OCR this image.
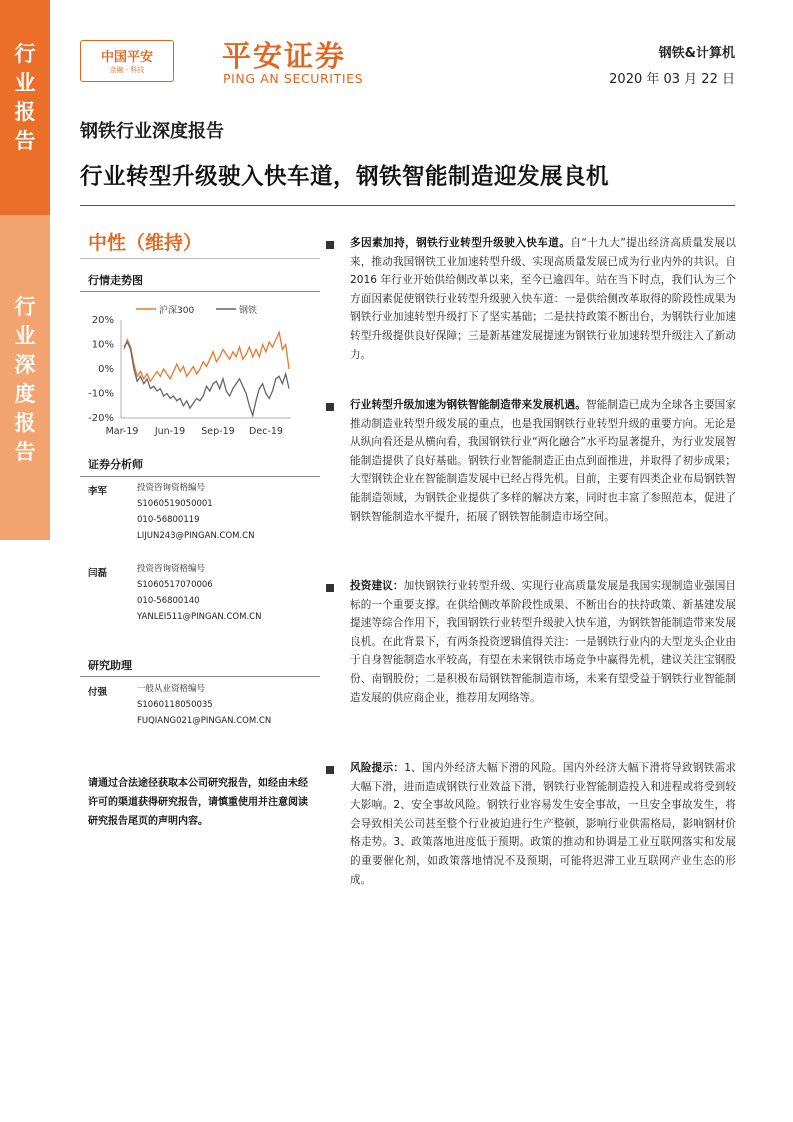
行业报告
行业深度报告
中国平安
金融 · 科技	平安证券
PING AN SECURITIES
钢铁&计算机
2020 年 03 月 22 日
钢铁行业深度报告
行业转型升级驶入快车道，钢铁智能制造迎发展良机
中性（维持）
行情走势图
沪深300	钢铁
20%
10%
0%
-10%
-20%
Mar-19 Jun-19 Sep-19 Dec-19
证券分析师
李军	投资咨询资格编号
S1060519050001
010-56800119
LIJUN243@PINGAN.COM.CN
闫磊	投资咨询资格编号
S1060517070006
010-56800140
YANLEI511@PINGAN.COM.CN
研究助理
付强	一般从业资格编号
S1060118050035
FUQIANG021@PINGAN.COM.CN
请通过合法途径获取本公司研究报告，如经由未经许可的渠道获得研究报告，请慎重使用并注意阅读研究报告尾页的声明内容。
多因素加持，钢铁行业转型升级驶入快车道。自“十九大”提出经济高质量发展以来，推动我国钢铁工业加速转型升级、实现高质量发展已成为行业内外的共识。自 2016 年行业开始供给侧改革以来，至今已逾四年。站在当下时点，我们认为三个方面因素促使钢铁行业转型升级驶入快车道：一是供给侧改革取得的阶段性成果为钢铁行业加速转型升级打下了坚实基础；二是扶持政策不断出台，为钢铁行业加速转型升级提供良好保障；三是新基建发展提速为钢铁行业加速转型升级注入了新动力。
行业转型升级加速为钢铁智能制造带来发展机遇。智能制造已成为全球各主要国家推动制造业转型升级发展的重点，也是我国钢铁行业转型升级的重要方向。无论是从纵向看还是从横向看，我国钢铁行业“两化融合”水平均显著提升，为行业发展智能制造提供了良好基础。钢铁行业智能制造正由点到面推进，并取得了初步成果；大型钢铁企业在智能制造发展中已经占得先机。目前，主要有四类企业布局钢铁智能制造领域，为钢铁企业提供了多样的解决方案，同时也丰富了参照范本，促进了钢铁智能制造水平提升，拓展了钢铁智能制造市场空间。
投资建议：加快钢铁行业转型升级、实现行业高质量发展是我国实现制造业强国目标的一个重要支撑。在供给侧改革阶段性成果、不断出台的扶持政策、新基建发展提速等综合作用下，我国钢铁行业转型升级驶入快车道，为钢铁智能制造带来发展良机。在此背景下，有两条投资逻辑值得关注：一是钢铁行业内的大型龙头企业由于自身智能制造水平较高，有望在未来钢铁市场竞争中赢得先机，建议关注宝钢股份、南钢股份；二是积极布局钢铁智能制造市场，未来有望受益于钢铁行业智能制造发展的供应商企业，推荐用友网络等。
风险提示：1、国内外经济大幅下滑的风险。国内外经济大幅下滑将导致钢铁需求大幅下滑，进而造成钢铁行业效益下滑，钢铁行业智能制造投入和进程或将受到较大影响。2、安全事故风险。钢铁行业容易发生安全事故，一旦安全事故发生，将会导致相关公司甚至整个行业被迫进行生产整顿，影响行业供需格局，影响钢材价格走势。3、政策落地进度低于预期。政策的推动和协调是工业互联网落实和发展的重要催化剂，如政策落地情况不及预期，可能将迟滞工业互联网产业生态的形成。
